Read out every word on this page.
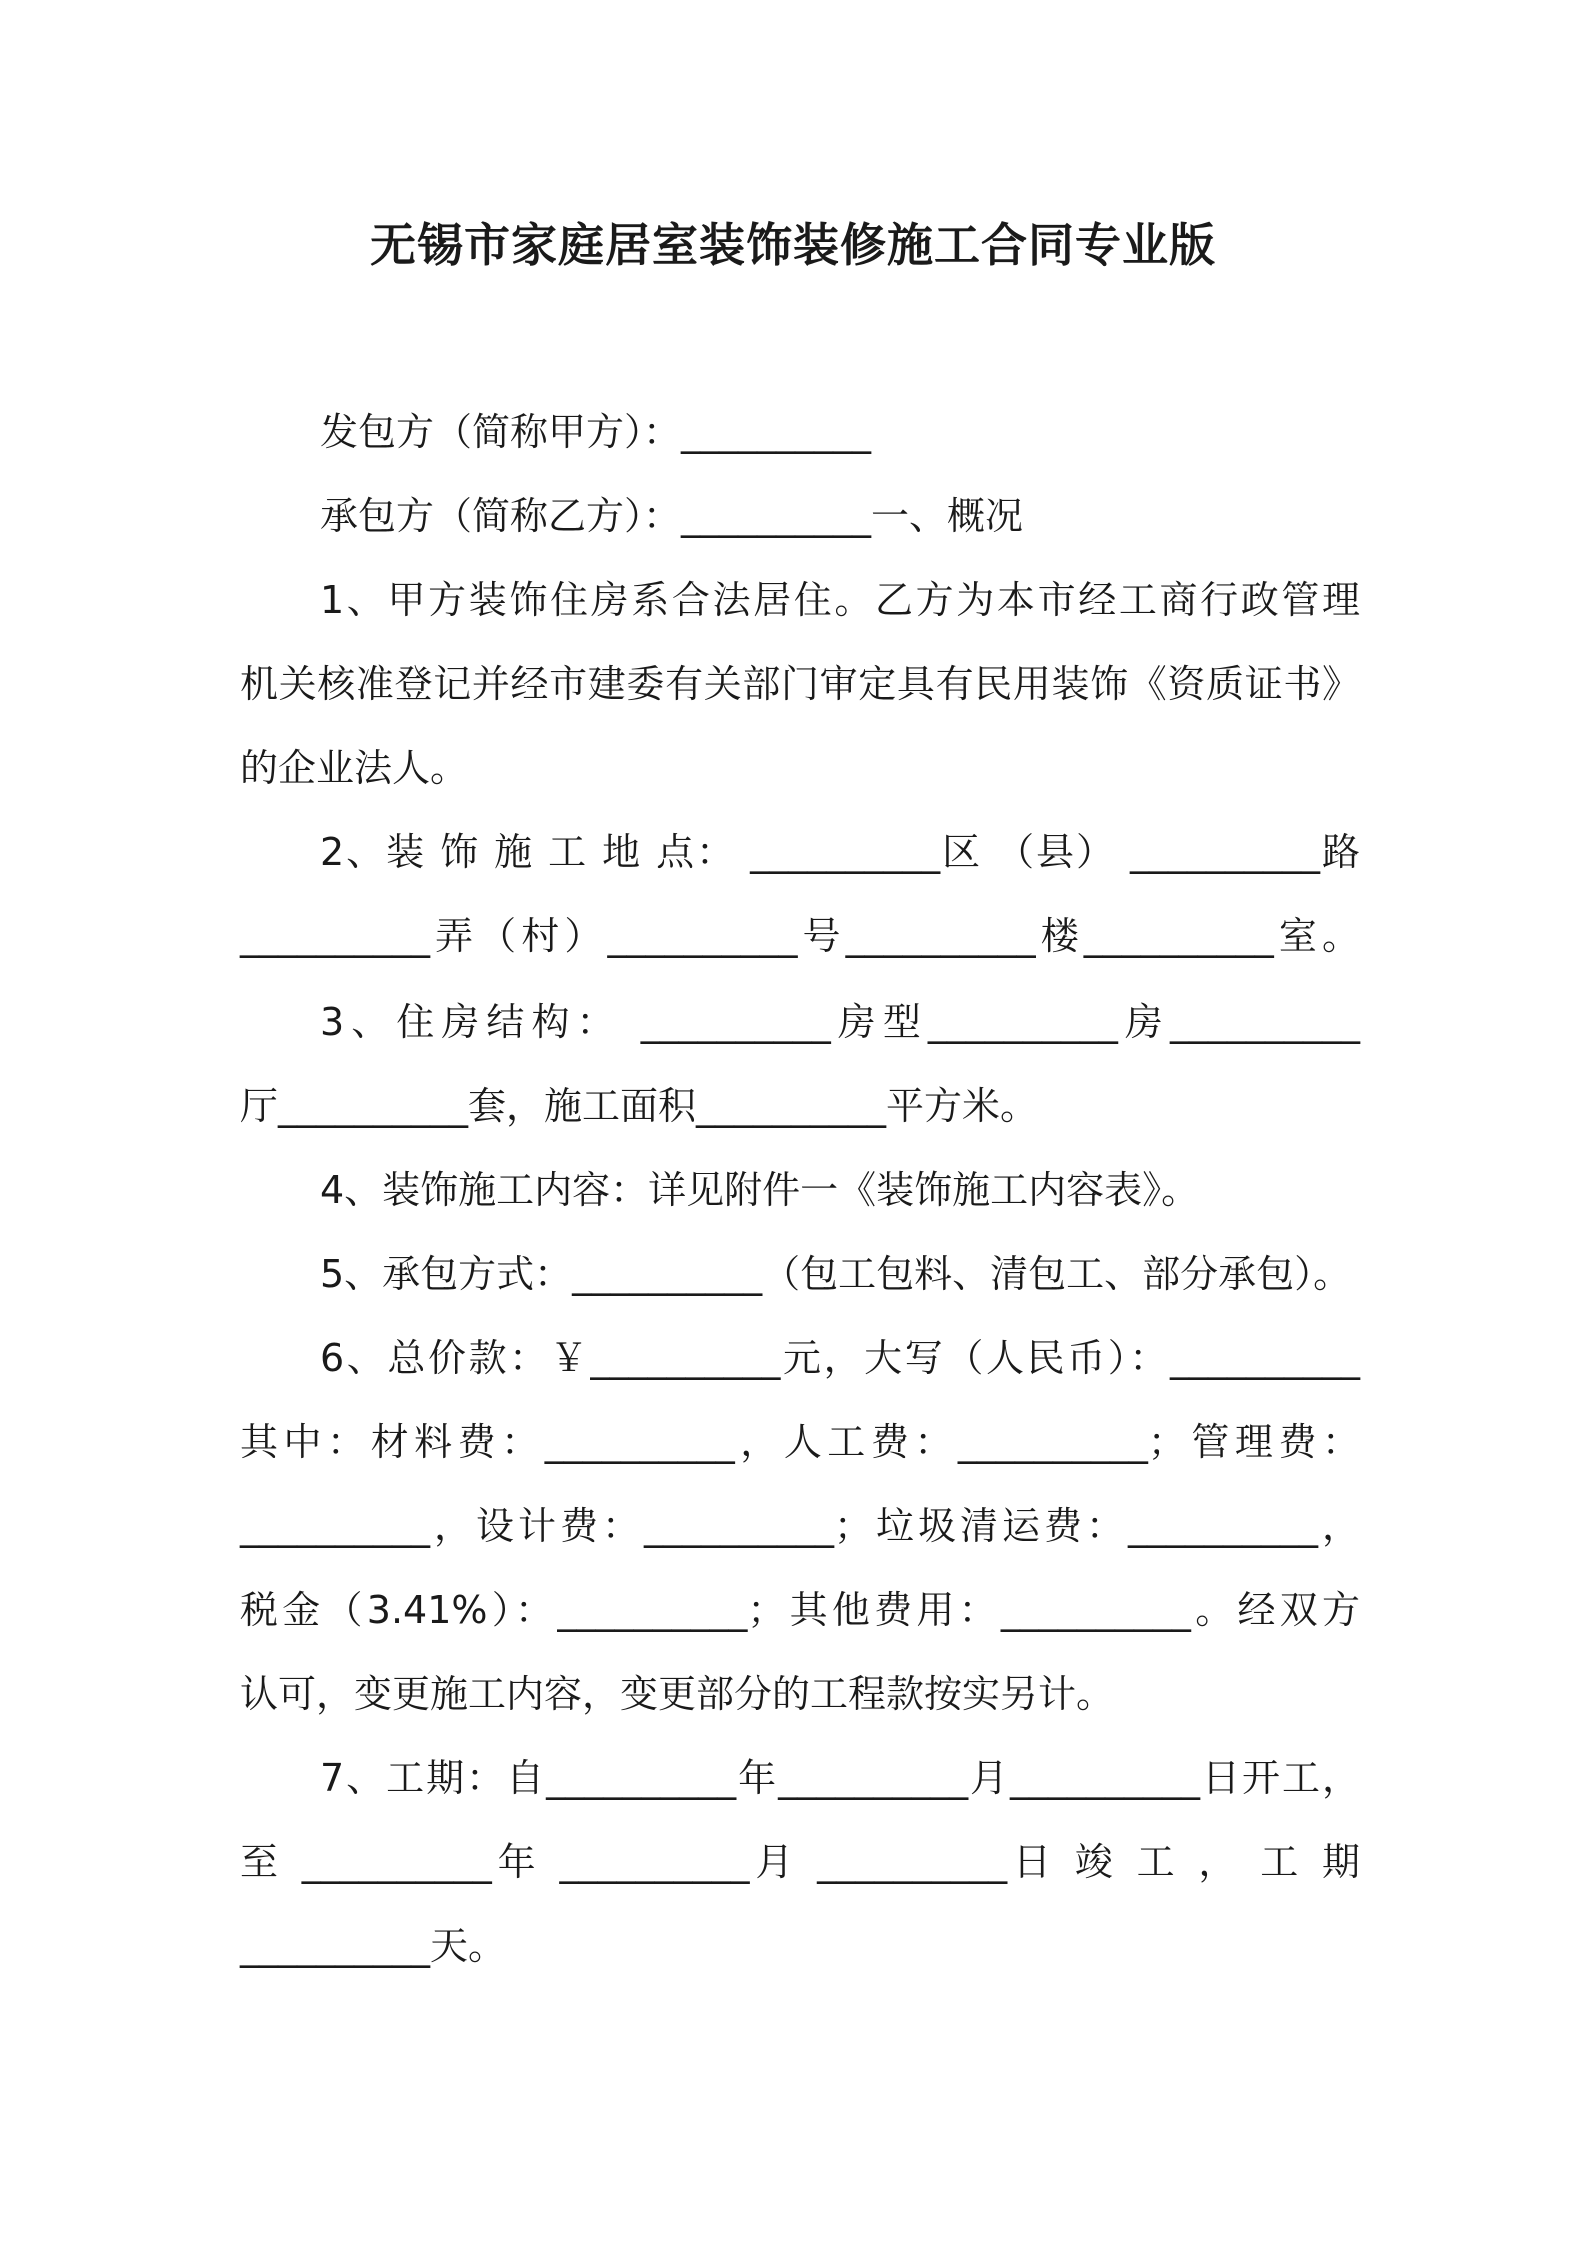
无锡市家庭居室装饰装修施工合同专业版
发包方（简称甲方）：__________
承包方（简称乙方）：__________一、概况
1、甲方装饰住房系合法居住。乙方为本市经工商行政管理
机关核准登记并经市建委有关部门审定具有民用装饰《资质证书》
的企业法人。
2、装 饰 施 工 地 点： __________区 （县） __________路
__________弄（村）__________号__________楼__________室。
3、住房结构： __________房型__________房__________
厅__________套，施工面积__________平方米。
4、装饰施工内容：详见附件一《装饰施工内容表》。
5、承包方式：__________（包工包料、清包工、部分承包）。
6、总价款：￥__________元，大写（人民币）：__________
其中：材料费：__________，人工费：__________；管理费：
__________，设计费：__________；垃圾清运费：__________，
税金（3.41%）：__________；其他费用：__________。经双方
认可，变更施工内容，变更部分的工程款按实另计。
7、工期：自__________年__________月__________日开工，
至 __________年 __________月 __________日 竣 工 ， 工 期
__________天。
